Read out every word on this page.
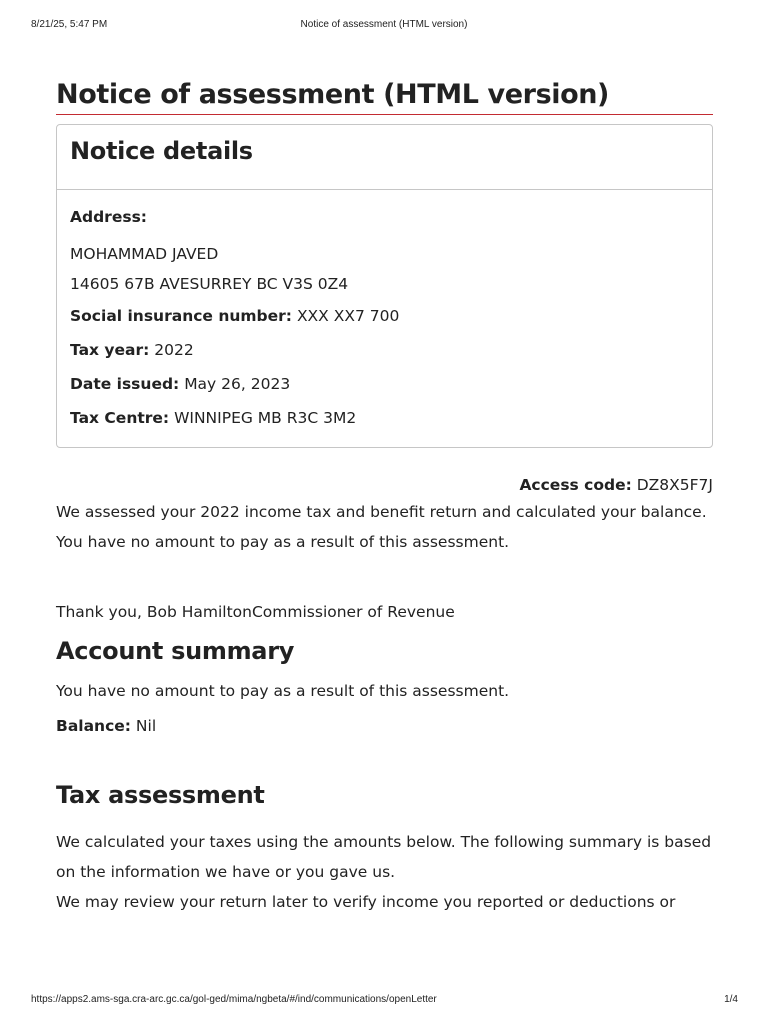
8/21/25, 5:47 PM	Notice of assessment (HTML version)
Notice of assessment (HTML version)
Notice details
Address:
MOHAMMAD JAVED
14605 67B AVESURREY BC V3S 0Z4
Social insurance number: XXX XX7 700
Tax year: 2022
Date issued: May 26, 2023
Tax Centre: WINNIPEG MB R3C 3M2
Access code: DZ8X5F7J

We assessed your 2022 income tax and benefit return and calculated your balance.

You have no amount to pay as a result of this assessment.

Thank you, Bob HamiltonCommissioner of Revenue

Account summary

You have no amount to pay as a result of this assessment.

Balance: Nil
Tax assessment

We calculated your taxes using the amounts below. The following summary is based on the information we have or you gave us.

We may review your return later to verify income you reported or deductions or

https://apps2.ams-sga.cra-arc.gc.ca/gol-ged/mima/ngbeta/#/ind/communications/openLetter	1/4
